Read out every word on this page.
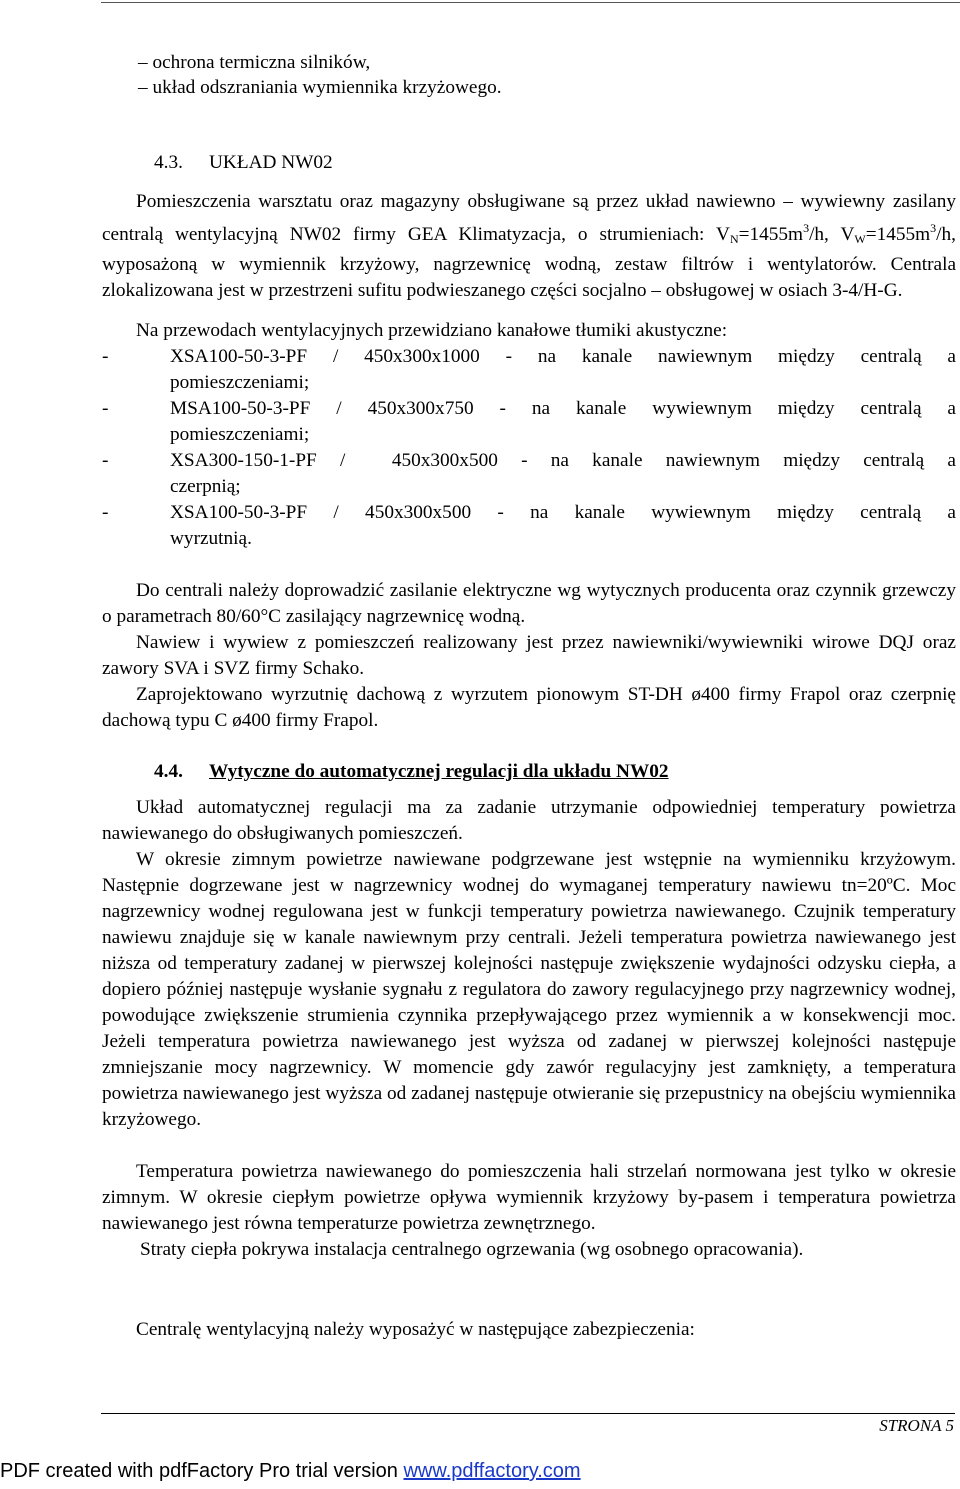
– ochrona termiczna silników,
– układ odszraniania wymiennika krzyżowego.
4.3. UKŁAD NW02

Pomieszczenia warsztatu oraz magazyny obsługiwane są przez układ nawiewno – wywiewny zasilany centralą wentylacyjną NW02 firmy GEA Klimatyzacja, o strumieniach: $V_N=1455m^3/h$, $V_W=1455m^3/h$, wyposażoną w wymiennik krzyżowy, nagrzewnicę wodną, zestaw filtrów i wentylatorów. Centrala zlokalizowana jest w przestrzeni sufitu podwieszanego części socjalno – obsługowej w osiach 3-4/H-G.

Na przewodach wentylacyjnych przewidziano kanałowe tłumiki akustyczne:

-	XSA100-50-3-PF / 450x300x1000 - na kanale nawiewnym między centralą a
pomieszczeniami;
-	MSA100-50-3-PF / 450x300x750 - na kanale wywiewnym między centralą a
pomieszczeniami;
-	XSA300-150-1-PF /  450x300x500 - na kanale nawiewnym między centralą a
czerpnią;
-	XSA100-50-3-PF / 450x300x500 - na kanale wywiewnym między centralą a
wyrzutnią.

Do centrali należy doprowadzić zasilanie elektryczne wg wytycznych producenta oraz czynnik grzewczy o parametrach 80/60°C zasilający nagrzewnicę wodną.

Nawiew i wywiew z pomieszczeń realizowany jest przez nawiewniki/wywiewniki wirowe DQJ oraz zawory SVA i SVZ firmy Schako.

Zaprojektowano wyrzutnię dachową z wyrzutem pionowym ST-DH ø400 firmy Frapol oraz czerpnię dachową typu C ø400 firmy Frapol.

4.4. Wytyczne do automatycznej regulacji dla układu NW02

Układ automatycznej regulacji ma za zadanie utrzymanie odpowiedniej temperatury powietrza nawiewanego do obsługiwanych pomieszczeń.

W okresie zimnym powietrze nawiewane podgrzewane jest wstępnie na wymienniku krzyżowym. Następnie dogrzewane jest w nagrzewnicy wodnej do wymaganej temperatury nawiewu tn=20ºC. Moc nagrzewnicy wodnej regulowana jest w funkcji temperatury powietrza nawiewanego. Czujnik temperatury nawiewu znajduje się w kanale nawiewnym przy centrali. Jeżeli temperatura powietrza nawiewanego jest niższa od temperatury zadanej w pierwszej kolejności następuje zwiększenie wydajności odzysku ciepła, a dopiero później następuje wysłanie sygnału z regulatora do zawory regulacyjnego przy nagrzewnicy wodnej, powodujące zwiększenie strumienia czynnika przepływającego przez wymiennik a w konsekwencji moc. Jeżeli temperatura powietrza nawiewanego jest wyższa od zadanej w pierwszej kolejności następuje zmniejszanie mocy nagrzewnicy. W momencie gdy zawór regulacyjny jest zamknięty, a temperatura powietrza nawiewanego jest wyższa od zadanej następuje otwieranie się przepustnicy na obejściu wymiennika krzyżowego.

Temperatura powietrza nawiewanego do pomieszczenia hali strzelań normowana jest tylko w okresie zimnym. W okresie ciepłym powietrze opływa wymiennik krzyżowy by-pasem i temperatura powietrza nawiewanego jest równa temperaturze powietrza zewnętrznego.

Straty ciepła pokrywa instalacja centralnego ogrzewania (wg osobnego opracowania).

Centralę wentylacyjną należy wyposażyć w następujące zabezpieczenia:

STRONA 5
PDF created with pdfFactory Pro trial version www.pdffactory.com
